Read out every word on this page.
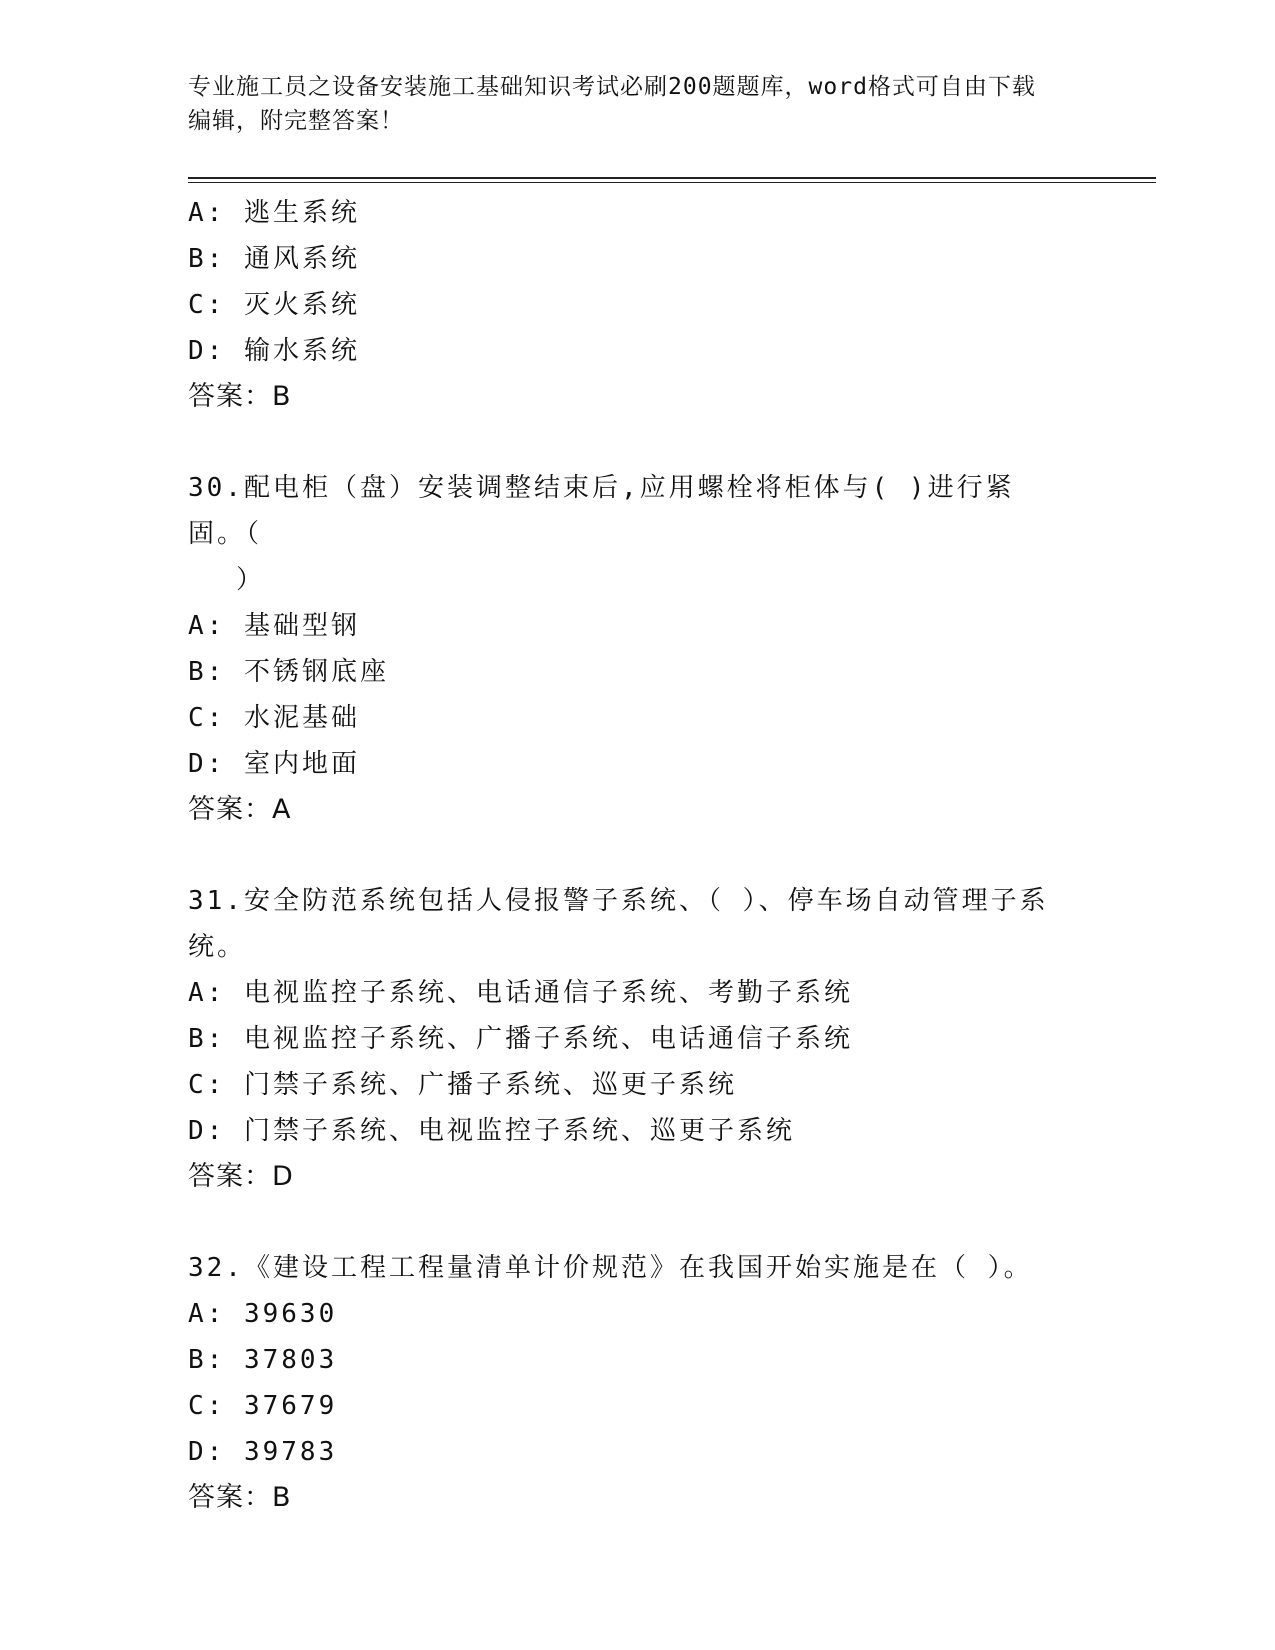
专业施工员之设备安装施工基础知识考试必刷200题题库，word格式可自由下载
编辑，附完整答案！
A: 逃生系统
B: 通风系统
C: 灭火系统
D: 输水系统
答案：B
30.配电柜（盘）安装调整结束后,应用螺栓将柜体与( )进行紧固。（
）
A: 基础型钢
B: 不锈钢底座
C: 水泥基础
D: 室内地面
答案：A
31.安全防范系统包括人侵报警子系统、（ ）、停车场自动管理子系
统。
A: 电视监控子系统、电话通信子系统、考勤子系统
B: 电视监控子系统、广播子系统、电话通信子系统
C: 门禁子系统、广播子系统、巡更子系统
D: 门禁子系统、电视监控子系统、巡更子系统
答案：D
32.《建设工程工程量清单计价规范》在我国开始实施是在（ ）。
A: 39630
B: 37803
C: 37679
D: 39783
答案：B
